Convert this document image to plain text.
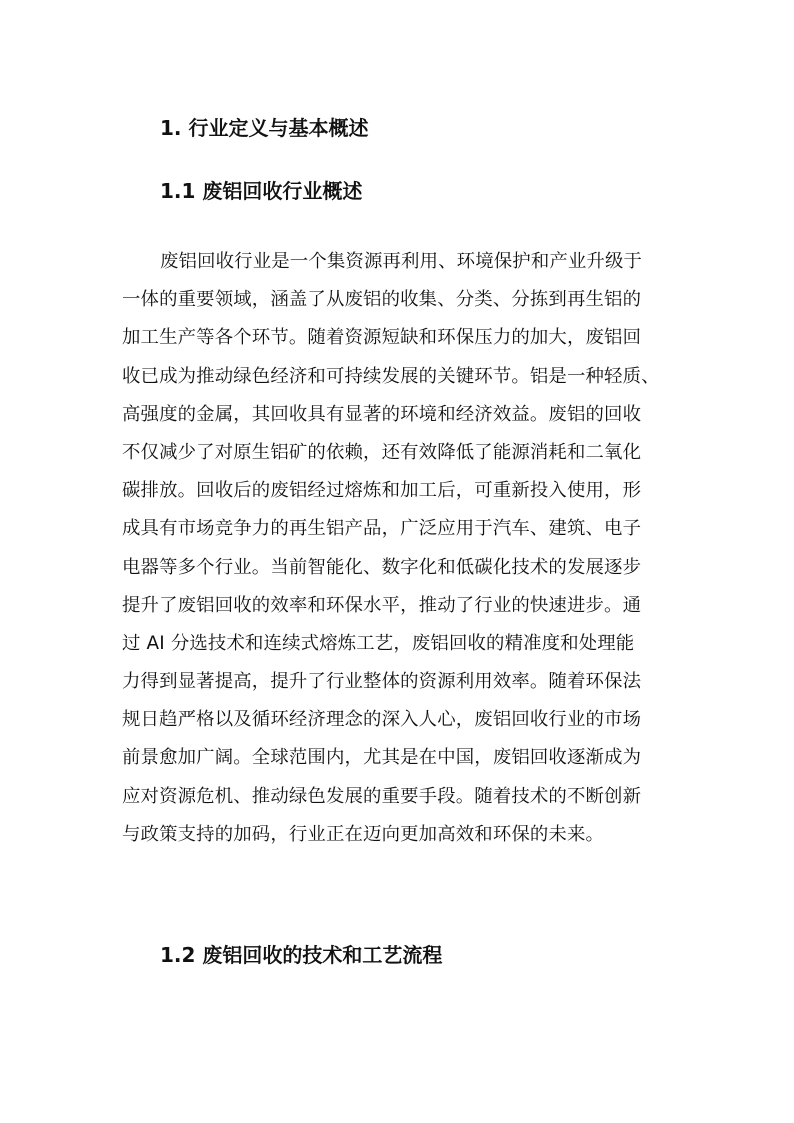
1. 行业定义与基本概述
1.1 废铝回收行业概述
废铝回收行业是一个集资源再利用、环境保护和产业升级于
一体的重要领域，涵盖了从废铝的收集、分类、分拣到再生铝的
加工生产等各个环节。随着资源短缺和环保压力的加大，废铝回
收已成为推动绿色经济和可持续发展的关键环节。铝是一种轻质、
高强度的金属，其回收具有显著的环境和经济效益。废铝的回收
不仅减少了对原生铝矿的依赖，还有效降低了能源消耗和二氧化
碳排放。回收后的废铝经过熔炼和加工后，可重新投入使用，形
成具有市场竞争力的再生铝产品，广泛应用于汽车、建筑、电子
电器等多个行业。当前智能化、数字化和低碳化技术的发展逐步
提升了废铝回收的效率和环保水平，推动了行业的快速进步。通
过 AI 分选技术和连续式熔炼工艺，废铝回收的精准度和处理能
力得到显著提高，提升了行业整体的资源利用效率。随着环保法
规日趋严格以及循环经济理念的深入人心，废铝回收行业的市场
前景愈加广阔。全球范围内，尤其是在中国，废铝回收逐渐成为
应对资源危机、推动绿色发展的重要手段。随着技术的不断创新
与政策支持的加码，行业正在迈向更加高效和环保的未来。
1.2 废铝回收的技术和工艺流程
